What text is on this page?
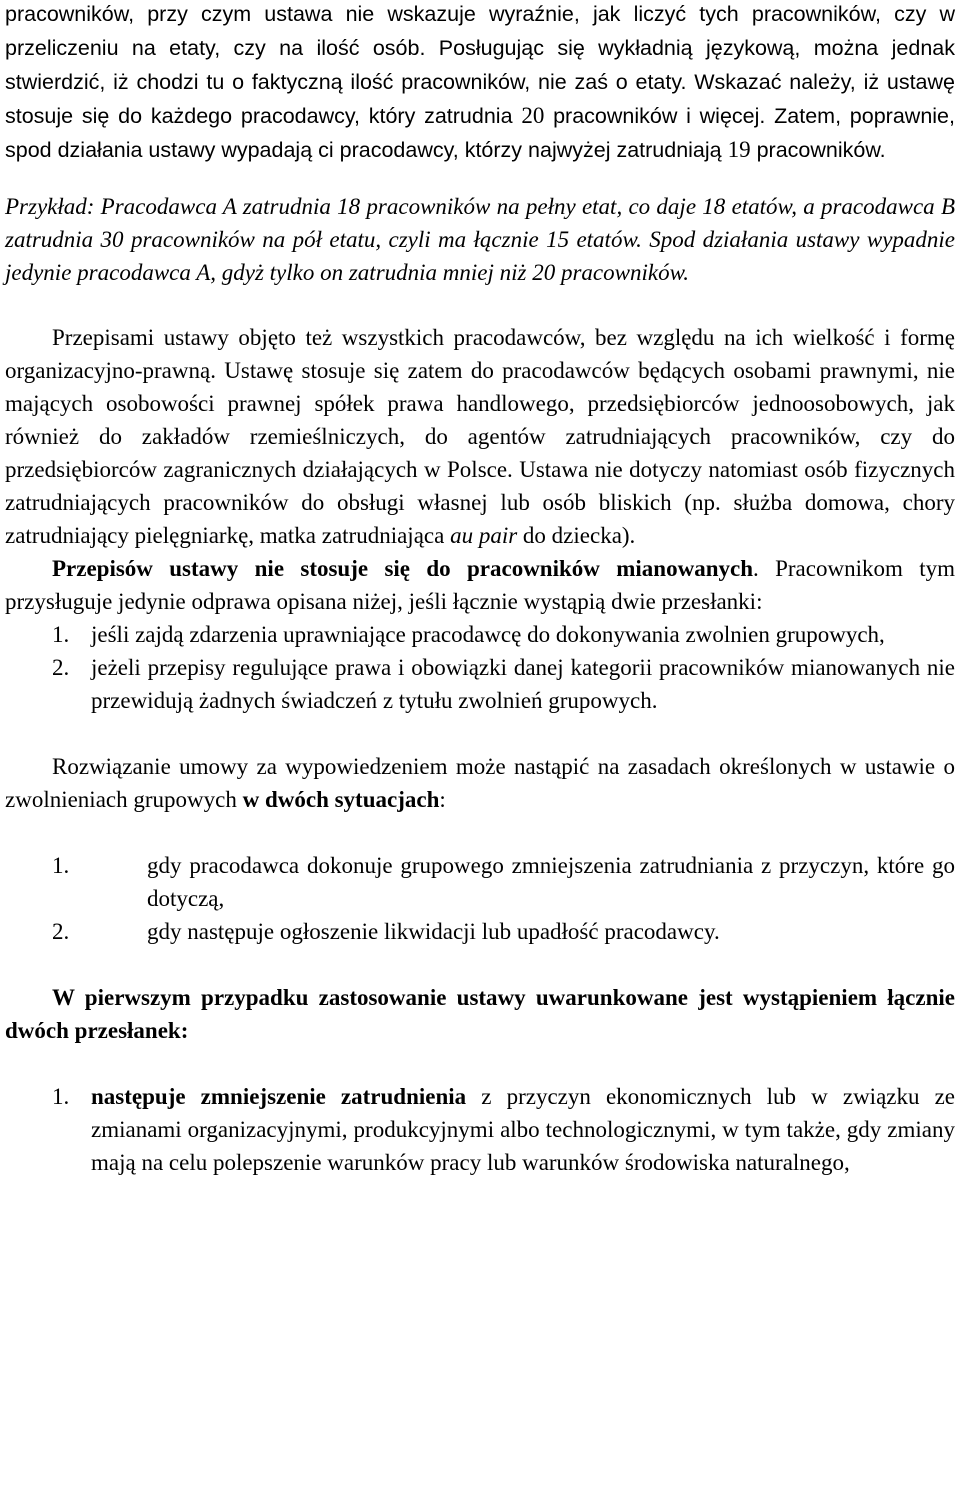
pracowników, przy czym ustawa nie wskazuje wyraźnie, jak liczyć tych pracowników, czy w przeliczeniu na etaty, czy na ilość osób. Posługując się wykładnią językową, można jednak stwierdzić, iż chodzi tu o faktyczną ilość pracowników, nie zaś o etaty. Wskazać należy, iż ustawę stosuje się do każdego pracodawcy, który zatrudnia 20 pracowników i więcej. Zatem, poprawnie, spod działania ustawy wypadają ci pracodawcy, którzy najwyżej zatrudniają 19 pracowników.

Przykład: Pracodawca A zatrudnia 18 pracowników na pełny etat, co daje 18 etatów, a pracodawca B zatrudnia 30 pracowników na pół etatu, czyli ma łącznie 15 etatów. Spod działania ustawy wypadnie jedynie pracodawca A, gdyż tylko on zatrudnia mniej niż 20 pracowników.

Przepisami ustawy objęto też wszystkich pracodawców, bez względu na ich wielkość i formę organizacyjno-prawną. Ustawę stosuje się zatem do pracodawców będących osobami prawnymi, nie mających osobowości prawnej spółek prawa handlowego, przedsiębiorców jednoosobowych, jak również do zakładów rzemieślniczych, do agentów zatrudniających pracowników, czy do przedsiębiorców zagranicznych działających w Polsce. Ustawa nie dotyczy natomiast osób fizycznych zatrudniających pracowników do obsługi własnej lub osób bliskich (np. służba domowa, chory zatrudniający pielęgniarkę, matka zatrudniająca au pair do dziecka).

Przepisów ustawy nie stosuje się do pracowników mianowanych. Pracownikom tym przysługuje jedynie odprawa opisana niżej, jeśli łącznie wystąpią dwie przesłanki:

1. jeśli zajdą zdarzenia uprawniające pracodawcę do dokonywania zwolnien grupowych,
2. jeżeli przepisy regulujące prawa i obowiązki danej kategorii pracowników mianowanych nie przewidują żadnych świadczeń z tytułu zwolnień grupowych.

Rozwiązanie umowy za wypowiedzeniem może nastąpić na zasadach określonych w ustawie o zwolnieniach grupowych w dwóch sytuacjach:

1.	gdy pracodawca dokonuje grupowego zmniejszenia zatrudniania z przyczyn, które go dotyczą,
2.	gdy następuje ogłoszenie likwidacji lub upadłość pracodawcy.

W pierwszym przypadku zastosowanie ustawy uwarunkowane jest wystąpieniem łącznie dwóch przesłanek:

1. następuje zmniejszenie zatrudnienia z przyczyn ekonomicznych lub w związku ze zmianami organizacyjnymi, produkcyjnymi albo technologicznymi, w tym także, gdy zmiany mają na celu polepszenie warunków pracy lub warunków środowiska naturalnego,
